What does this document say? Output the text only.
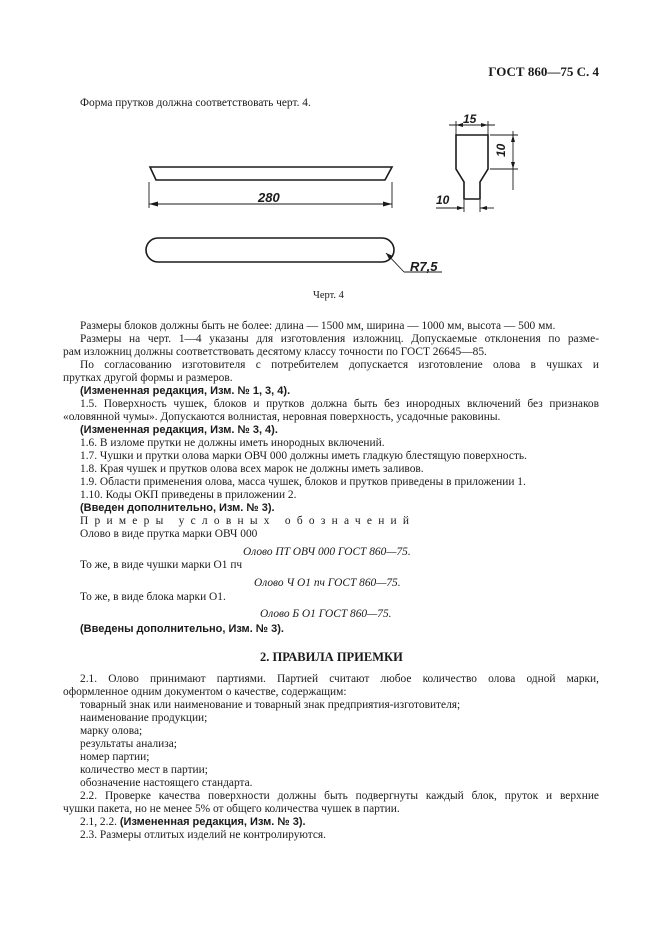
ГОСТ 860—75 С. 4
Форма прутков должна соответствовать черт. 4.
280
R7,5
15
10
10
Черт. 4
Размеры блоков должны быть не более: длина — 1500 мм, ширина — 1000 мм, высота — 500 мм.
Размеры на черт. 1—4 указаны для изготовления изложниц. Допускаемые отклонения по разме-
рам изложниц должны соответствовать десятому классу точности по ГОСТ 26645—85.
По согласованию изготовителя с потребителем допускается изготовление олова в чушках и
прутках другой формы и размеров.
(Измененная редакция, Изм. № 1, 3, 4).
1.5. Поверхность чушек, блоков и прутков должна быть без инородных включений без признаков
«оловянной чумы». Допускаются волнистая, неровная поверхность, усадочные раковины.
(Измененная редакция, Изм. № 3, 4).
1.6. В изломе прутки не должны иметь инородных включений.
1.7. Чушки и прутки олова марки ОВЧ 000 должны иметь гладкую блестящую поверхность.
1.8. Края чушек и прутков олова всех марок не должны иметь заливов.
1.9. Области применения олова, масса чушек, блоков и прутков приведены в приложении 1.
1.10. Коды ОКП приведены в приложении 2.
(Введен дополнительно, Изм. № 3).
Примеры условных обозначений
Олово в виде прутка марки ОВЧ 000
Олово ПТ ОВЧ 000 ГОСТ 860—75.
То же, в виде чушки марки О1 пч
Олово Ч О1 пч ГОСТ 860—75.
То же, в виде блока марки О1.
Олово Б О1 ГОСТ 860—75.
(Введены дополнительно, Изм. № 3).
2. ПРАВИЛА ПРИЕМКИ
2.1. Олово принимают партиями. Партией считают любое количество олова одной марки,
оформленное одним документом о качестве, содержащим:
товарный знак или наименование и товарный знак предприятия-изготовителя;
наименование продукции;
марку олова;
результаты анализа;
номер партии;
количество мест в партии;
обозначение настоящего стандарта.
2.2. Проверке качества поверхности должны быть подвергнуты каждый блок, пруток и верхние
чушки пакета, но не менее 5% от общего количества чушек в партии.
2.1, 2.2. (Измененная редакция, Изм. № 3).
2.3. Размеры отлитых изделий не контролируются.
